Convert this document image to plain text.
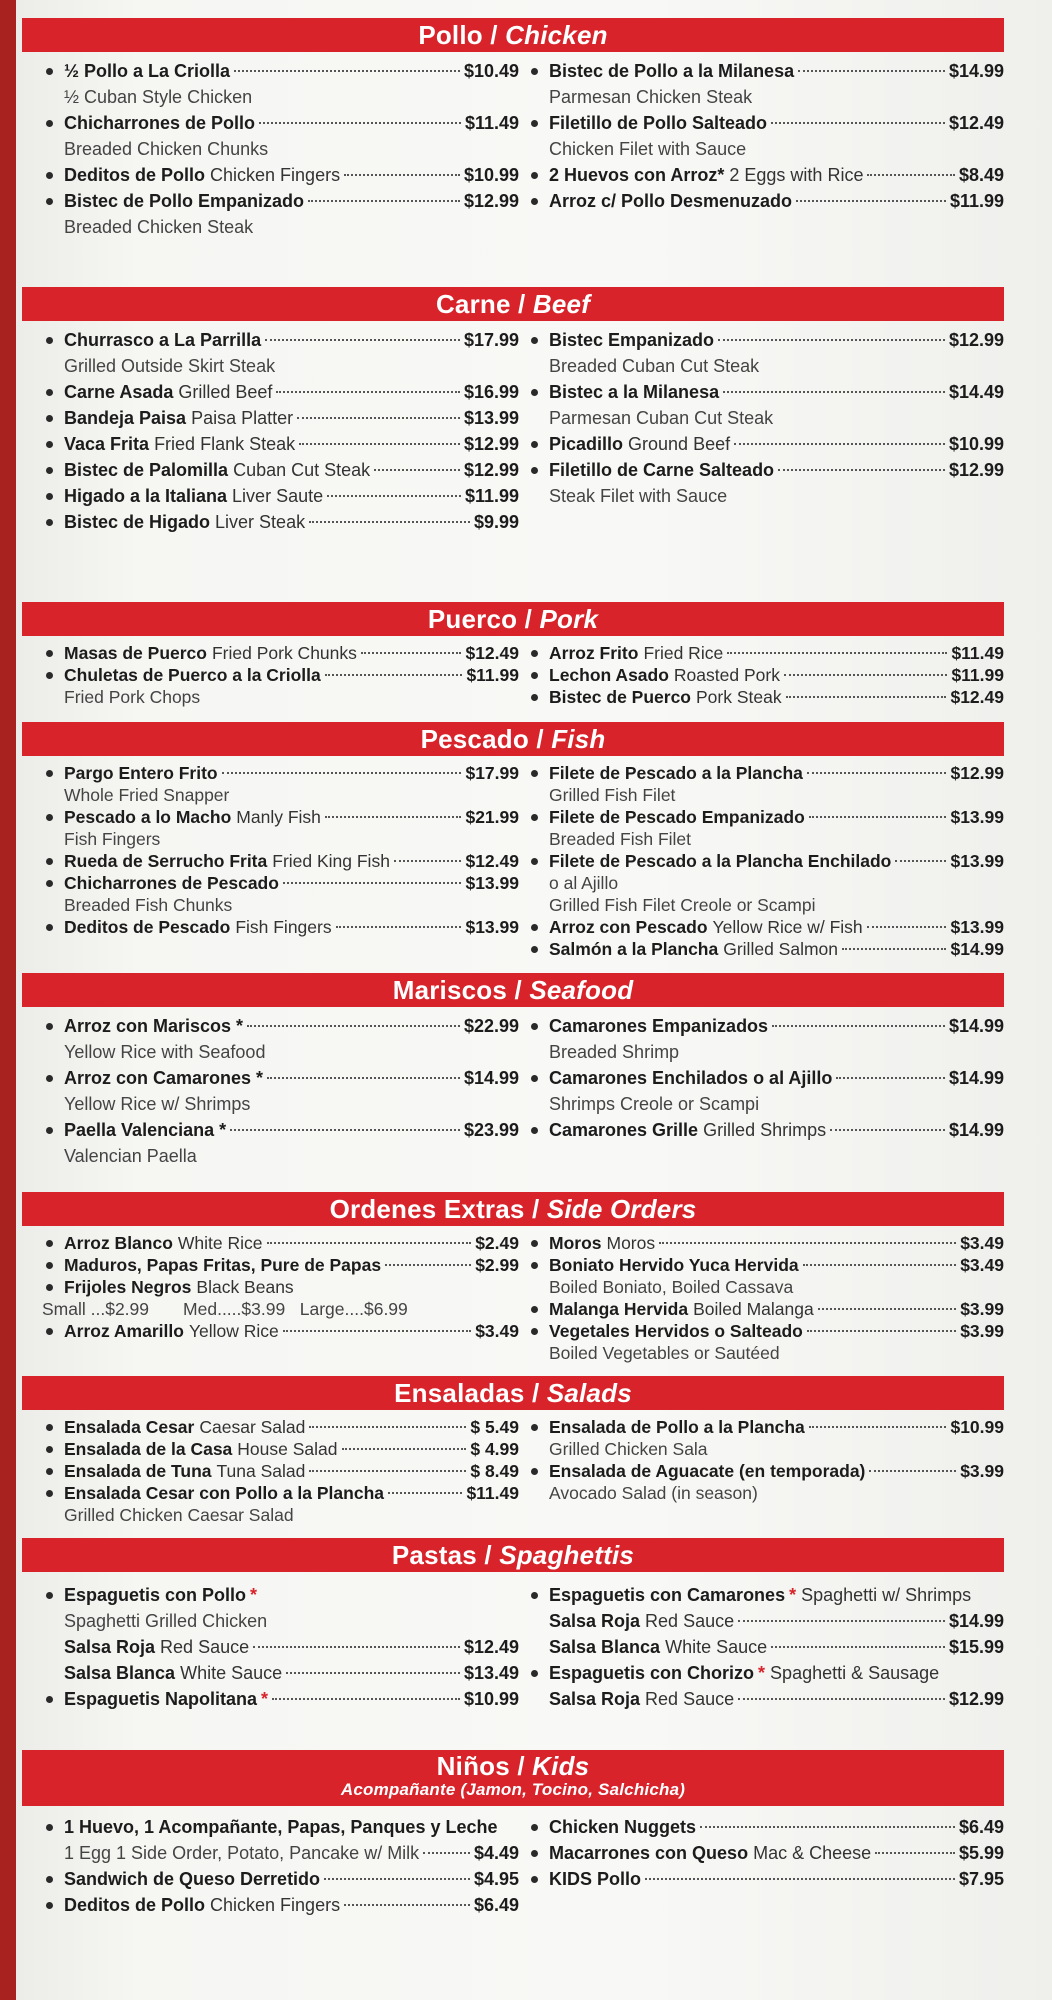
Pollo / Chicken
½ Pollo a La Criolla	$10.49
½ Cuban Style Chicken
Chicharrones de Pollo	$11.49
Breaded Chicken Chunks
Deditos de Pollo Chicken Fingers	$10.99
Bistec de Pollo Empanizado	$12.99
Breaded Chicken Steak
Bistec de Pollo a la Milanesa	$14.99
Parmesan Chicken Steak
Filetillo de Pollo Salteado	$12.49
Chicken Filet with Sauce
2 Huevos con Arroz* 2 Eggs with Rice	$8.49
Arroz c/ Pollo Desmenuzado	$11.99
Carne / Beef
Churrasco a La Parrilla	$17.99
Grilled Outside Skirt Steak
Carne Asada Grilled Beef	$16.99
Bandeja Paisa Paisa Platter	$13.99
Vaca Frita Fried Flank Steak	$12.99
Bistec de Palomilla Cuban Cut Steak	$12.99
Higado a la Italiana Liver Saute	$11.99
Bistec de Higado Liver Steak	$9.99
Bistec Empanizado	$12.99
Breaded Cuban Cut Steak
Bistec a la Milanesa	$14.49
Parmesan Cuban Cut Steak
Picadillo Ground Beef	$10.99
Filetillo de Carne Salteado	$12.99
Steak Filet with Sauce
Puerco / Pork
Masas de Puerco Fried Pork Chunks	$12.49
Chuletas de Puerco a la Criolla	$11.99
Fried Pork Chops
Arroz Frito Fried Rice	$11.49
Lechon Asado Roasted Pork	$11.99
Bistec de Puerco Pork Steak	$12.49
Pescado / Fish
Pargo Entero Frito	$17.99
Whole Fried Snapper
Pescado a lo Macho Manly Fish	$21.99
Fish Fingers
Rueda de Serrucho Frita Fried King Fish	$12.49
Chicharrones de Pescado	$13.99
Breaded Fish Chunks
Deditos de Pescado Fish Fingers	$13.99
Filete de Pescado a la Plancha	$12.99
Grilled Fish Filet
Filete de Pescado Empanizado	$13.99
Breaded Fish Filet
Filete de Pescado a la Plancha Enchilado	$13.99
o al Ajillo
Grilled Fish Filet Creole or Scampi
Arroz con Pescado Yellow Rice w/ Fish	$13.99
Salmón a la Plancha Grilled Salmon	$14.99
Mariscos / Seafood
Arroz con Mariscos *	$22.99
Yellow Rice with Seafood
Arroz con Camarones *	$14.99
Yellow Rice w/ Shrimps
Paella Valenciana *	$23.99
Valencian Paella
Camarones Empanizados	$14.99
Breaded Shrimp
Camarones Enchilados o al Ajillo	$14.99
Shrimps Creole or Scampi
Camarones Grille Grilled Shrimps	$14.99
Ordenes Extras / Side Orders
Arroz Blanco White Rice	$2.49
Maduros, Papas Fritas, Pure de Papas	$2.99
Frijoles Negros Black Beans
Small ...$2.99       Med.....$3.99   Large....$6.99
Arroz Amarillo Yellow Rice	$3.49
Moros Moros	$3.49
Boniato Hervido Yuca Hervida	$3.49
Boiled Boniato, Boiled Cassava
Malanga Hervida Boiled Malanga	$3.99
Vegetales Hervidos o Salteado	$3.99
Boiled Vegetables or Sautéed
Ensaladas / Salads
Ensalada Cesar Caesar Salad	$ 5.49
Ensalada de la Casa House Salad	$ 4.99
Ensalada de Tuna Tuna Salad	$ 8.49
Ensalada Cesar con Pollo a la Plancha	$11.49
Grilled Chicken Caesar Salad
Ensalada de Pollo a la Plancha	$10.99
Grilled Chicken Sala
Ensalada de Aguacate (en temporada)	$3.99
Avocado Salad (in season)
Pastas / Spaghettis
Espaguetis con Pollo *
Spaghetti Grilled Chicken
Salsa Roja Red Sauce	$12.49
Salsa Blanca White Sauce	$13.49
Espaguetis Napolitana *	$10.99
Espaguetis con Camarones * Spaghetti w/ Shrimps
Salsa Roja Red Sauce	$14.99
Salsa Blanca White Sauce	$15.99
Espaguetis con Chorizo * Spaghetti & Sausage
Salsa Roja Red Sauce	$12.99
Niños / Kids
Acompañante (Jamon, Tocino, Salchicha)
1 Huevo, 1 Acompañante, Papas, Panques y Leche
1 Egg 1 Side Order, Potato, Pancake w/ Milk	$4.49
Sandwich de Queso Derretido	$4.95
Deditos de Pollo Chicken Fingers	$6.49
Chicken Nuggets	$6.49
Macarrones con Queso Mac & Cheese	$5.99
KIDS Pollo	$7.95
